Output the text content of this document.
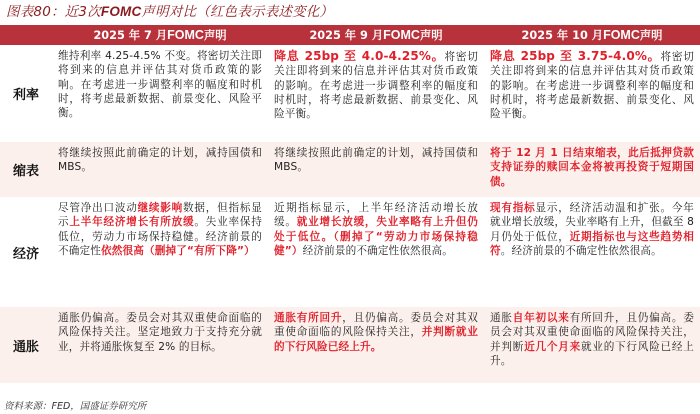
图表80：近3次FOMC声明对比（红色表示表述变化）
2025 年 7 月 FOMC 声明	2025 年 9 月 FOMC 声明	2025 年 10 月 FOMC 声明
利率
维持利率 4.25-4.5% 不变。将密切关注即将到来的信息并评估其对货币政策的影响。在考虑进一步调整利率的幅度和时机时，将考虑最新数据、前景变化、风险平衡。
降息 25bp 至 4.0-4.25%。将密切关注即将到来的信息并评估其对货币政策的影响。在考虑进一步调整利率的幅度和时机时，将考虑最新数据、前景变化、风险平衡。
降息 25bp 至 3.75-4.0%。将密切关注即将到来的信息并评估其对货币政策的影响。在考虑进一步调整利率的幅度和时机时，将考虑最新数据、前景变化、风险平衡。
缩表
将继续按照此前确定的计划，减持国债和 MBS。
将继续按照此前确定的计划，减持国债和 MBS。
将于 12 月 1 日结束缩表，此后抵押贷款支持证券的赎回本金将被再投资于短期国债。
经济
尽管净出口波动继续影响数据，但指标显示上半年经济增长有所放缓。失业率保持低位，劳动力市场保持稳健。经济前景的不确定性依然很高（删掉了“有所下降”）
近期指标显示，上半年经济活动增长放缓。就业增长放缓，失业率略有上升但仍处于低位。（删掉了“劳动力市场保持稳健”）经济前景的不确定性依然很高。
现有指标显示，经济活动温和扩张。今年就业增长放缓，失业率略有上升，但截至 8 月仍处于低位，近期指标也与这些趋势相符。经济前景的不确定性依然很高。
通胀
通胀仍偏高。委员会对其双重使命面临的风险保持关注。坚定地致力于支持充分就业，并将通胀恢复至 2% 的目标。
通胀有所回升，且仍偏高。委员会对其双重使命面临的风险保持关注，并判断就业的下行风险已经上升。
通胀自年初以来有所回升，且仍偏高。委员会对其双重使命面临的风险保持关注，并判断近几个月来就业的下行风险已经上升。
资料来源：FED，国盛证券研究所
